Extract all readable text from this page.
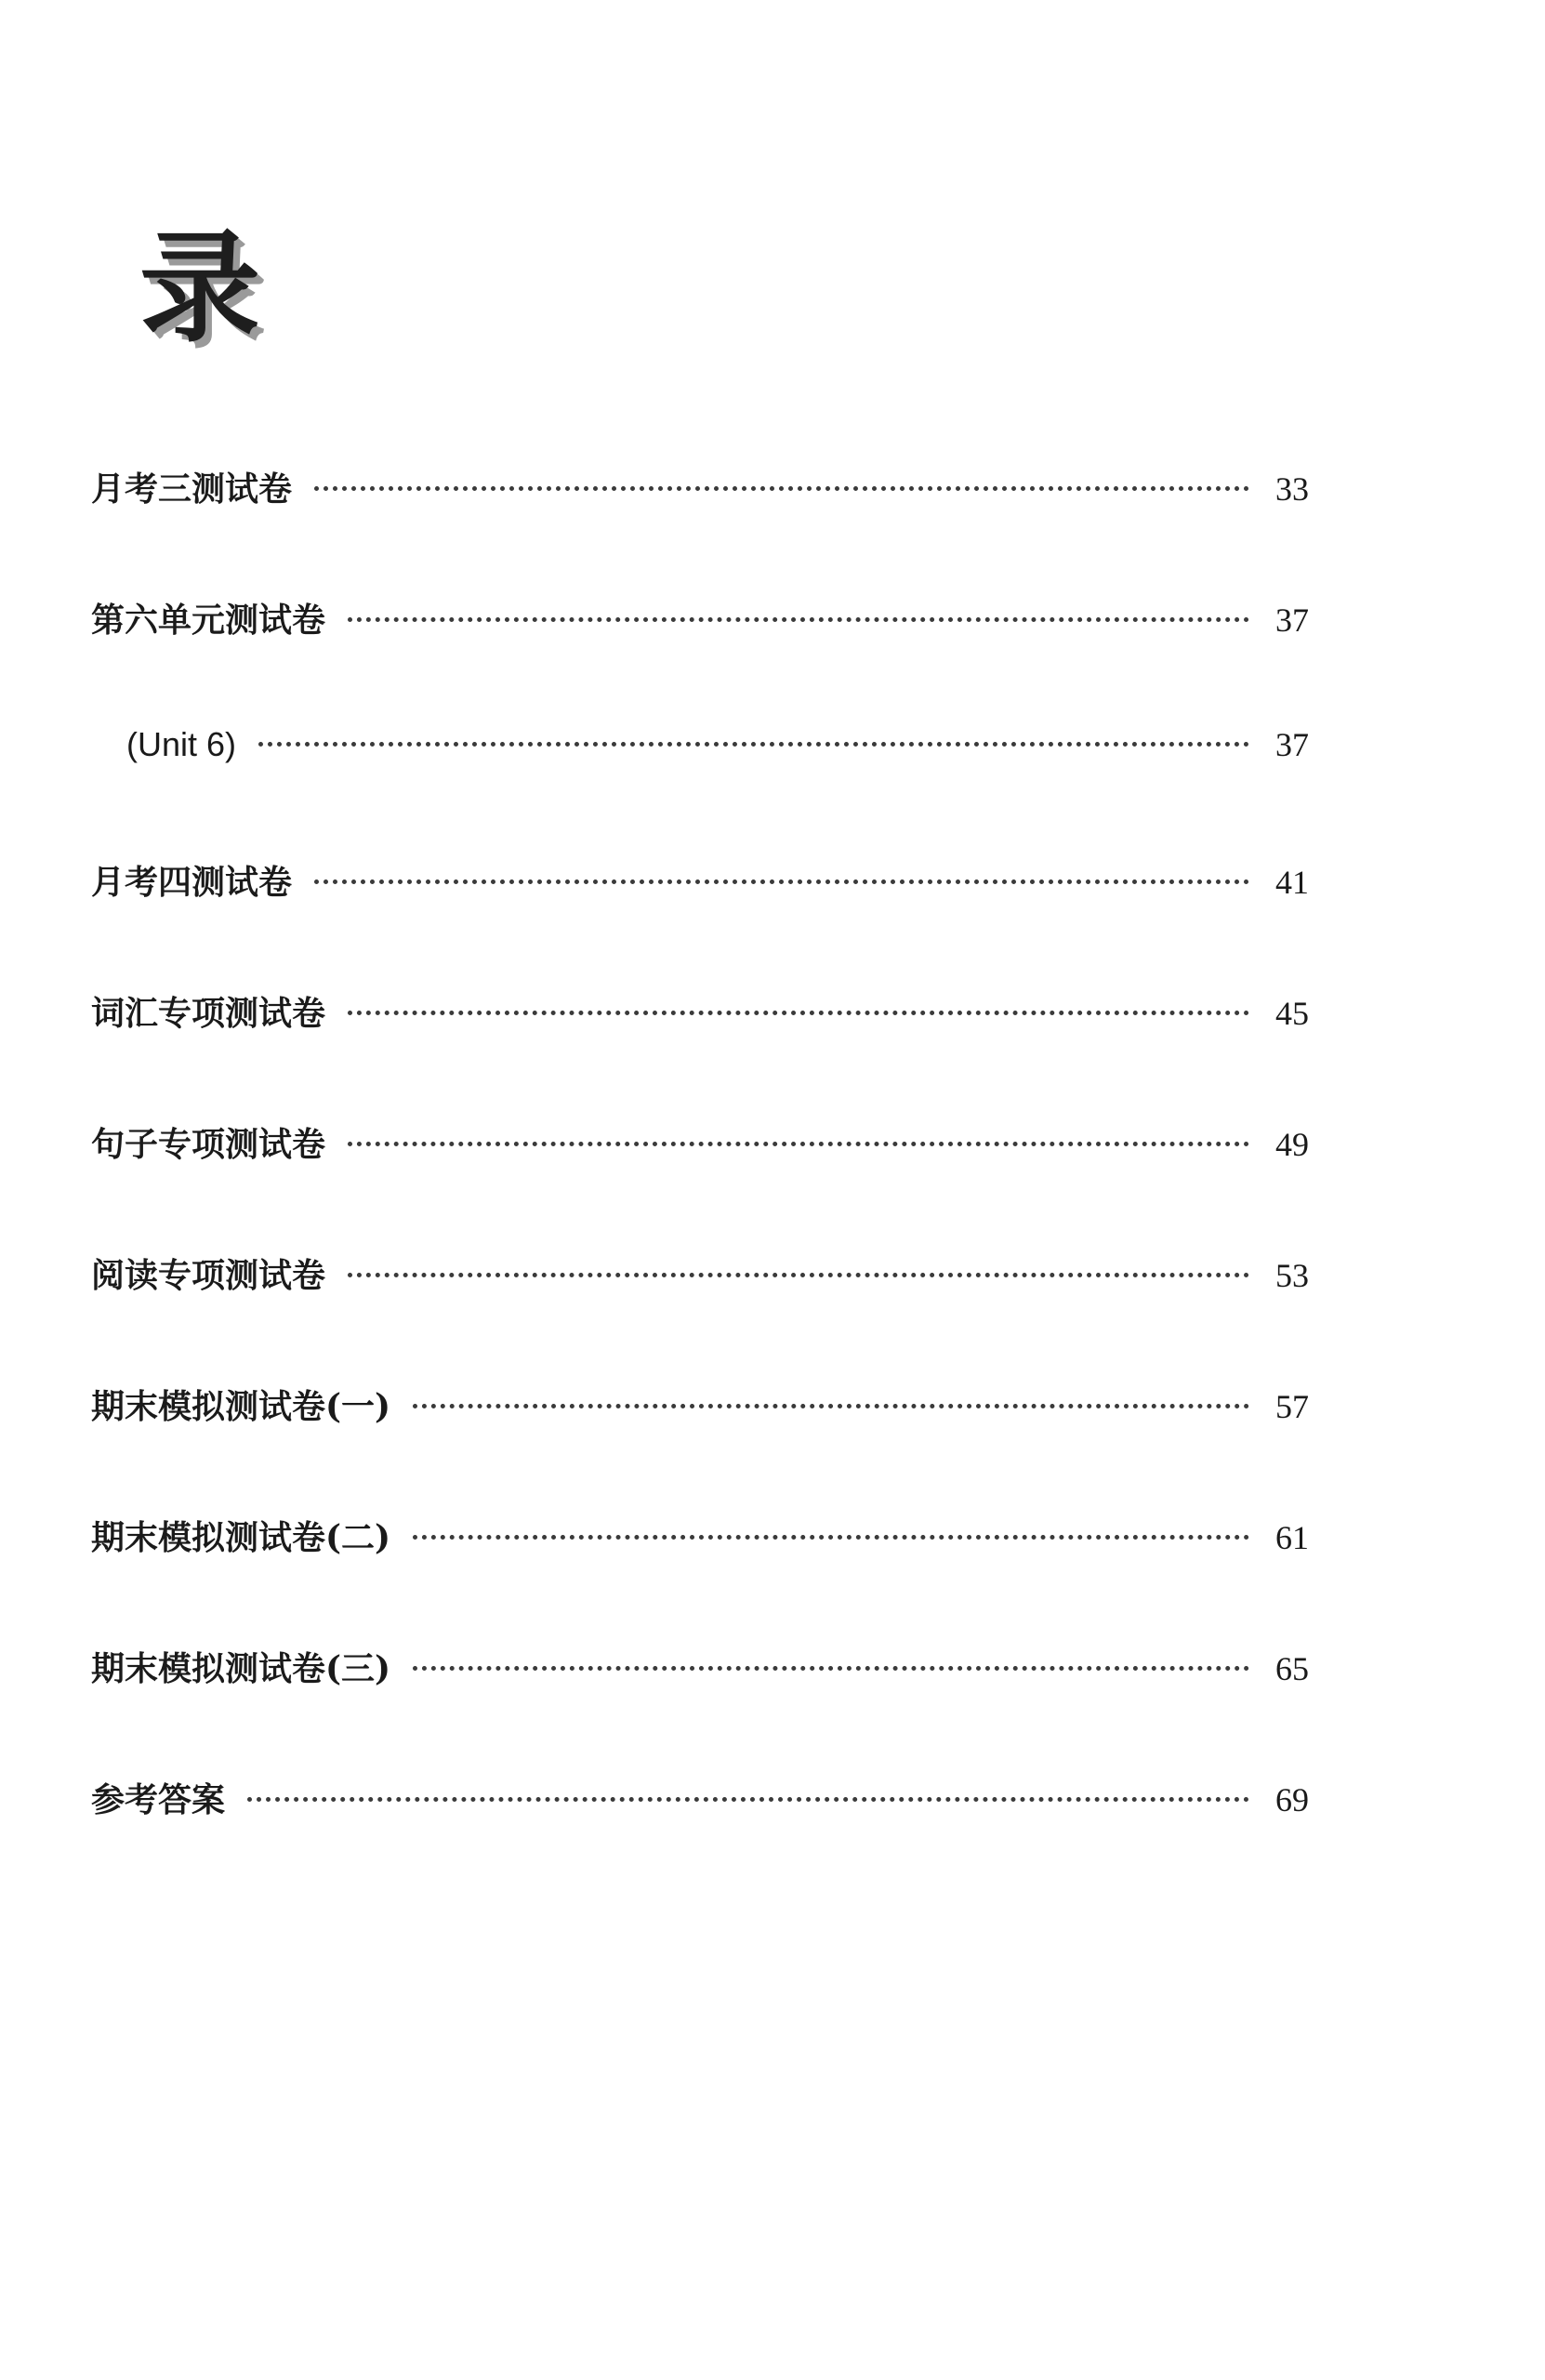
录
月考三测试卷	33
第六单元测试卷	37
(Unit 6)	37
月考四测试卷	41
词汇专项测试卷	45
句子专项测试卷	49
阅读专项测试卷	53
期末模拟测试卷(一)	57
期末模拟测试卷(二)	61
期末模拟测试卷(三)	65
参考答案	69
